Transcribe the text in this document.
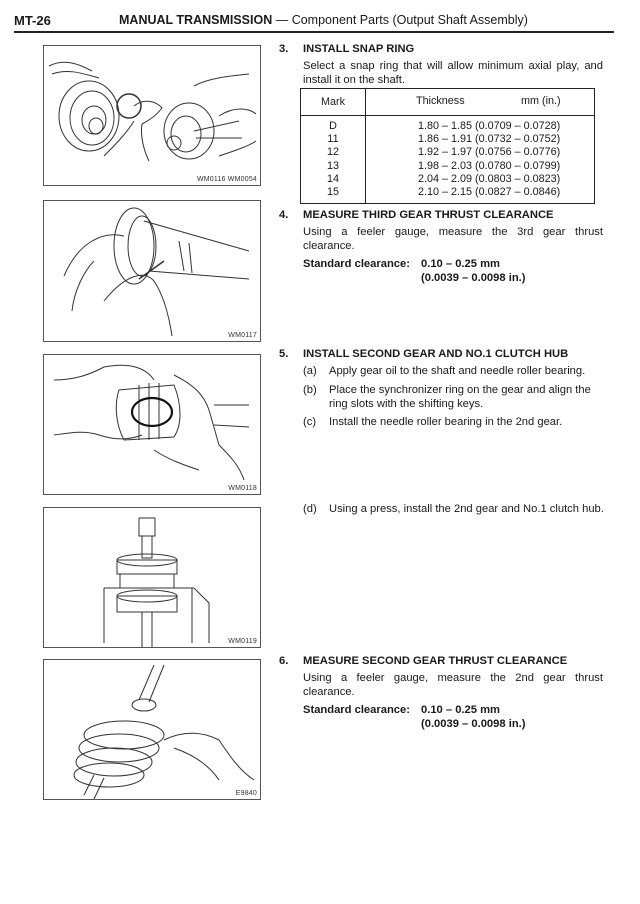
MT-26	MANUAL TRANSMISSION — Component Parts (Output Shaft Assembly)
WM0116 WM0054
WM0117
WM0118
WM0119
E9840
3. INSTALL SNAP RING
Select a snap ring that will allow minimum axial play, and install it on the shaft.
Mark	Thickness mm (in.)

D	1.80 – 1.85 (0.0709 – 0.0728)
11	1.86 – 1.91 (0.0732 – 0.0752)
12	1.92 – 1.97 (0.0756 – 0.0776)
13	1.98 – 2.03 (0.0780 – 0.0799)
14	2.04 – 2.09 (0.0803 – 0.0823)
15	2.10 – 2.15 (0.0827 – 0.0846)
4. MEASURE THIRD GEAR THRUST CLEARANCE
Using a feeler gauge, measure the 3rd gear thrust clearance.
Standard clearance: 0.10 – 0.25 mm
(0.0039 – 0.0098 in.)
5. INSTALL SECOND GEAR AND NO.1 CLUTCH HUB
(a) Apply gear oil to the shaft and needle roller bearing.
(b) Place the synchronizer ring on the gear and align the ring slots with the shifting keys.
(c) Install the needle roller bearing in the 2nd gear.
(d) Using a press, install the 2nd gear and No.1 clutch hub.
6. MEASURE SECOND GEAR THRUST CLEARANCE
Using a feeler gauge, measure the 2nd gear thrust clearance.
Standard clearance: 0.10 – 0.25 mm
(0.0039 – 0.0098 in.)
